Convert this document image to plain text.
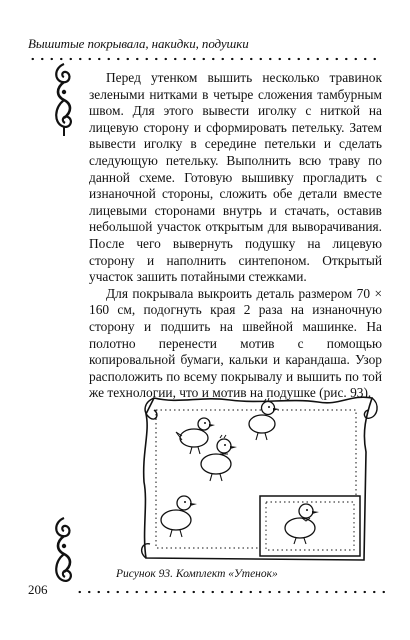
Вышитые покрывала, накидки, подушки

Перед утенком вышить несколько травинок зелеными нитками в четыре сложения тамбурным швом. Для этого вывести иголку с ниткой на лицевую сторону и сформировать петельку. Затем вывести иголку в середине петельки и сделать следующую петельку. Выполнить всю траву по данной схеме. Готовую вышивку прогладить с изнаночной стороны, сложить обе детали вместе лицевыми сторонами внутрь и стачать, оставив небольшой участок открытым для выворачивания. После чего вывернуть подушку на лицевую сторону и наполнить синтепоном. Открытый участок зашить потайными стежками.

Для покрывала выкроить деталь размером 70 × 160 см, подогнуть края 2 раза на изнаночную сторону и подшить на швейной машинке. На полотно перенести мотив с помощью копировальной бумаги, кальки и карандаша. Узор расположить по всему покрывалу и вышить по той же технологии, что и мотив на подушке (рис. 93).

Рисунок 93. Комплект «Утенок»
206
